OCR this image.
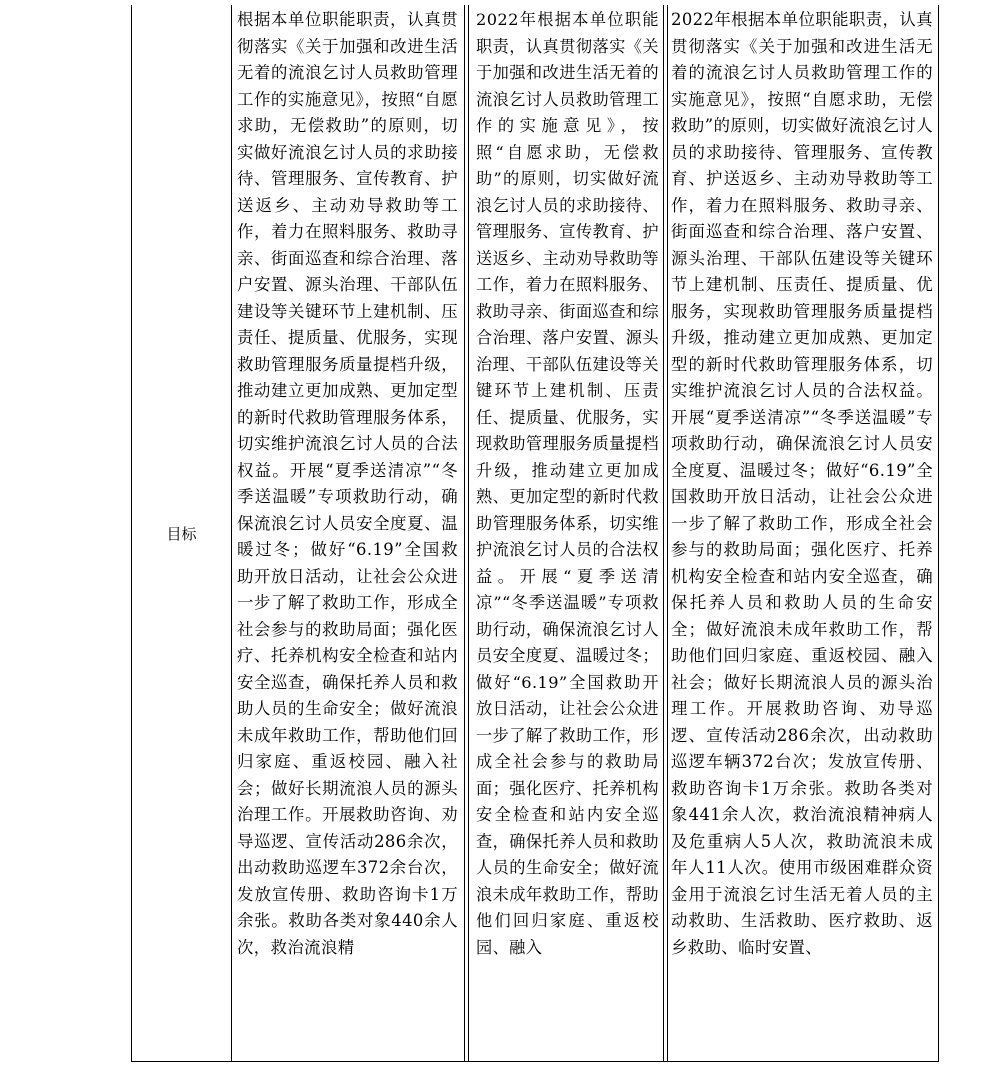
目标

根据本单位职能职责，认真贯彻落实《关于加强和改进生活无着的流浪乞讨人员救助管理工作的实施意见》，按照“自愿求助，无偿救助”的原则，切实做好流浪乞讨人员的求助接待、管理服务、宣传教育、护送返乡、主动劝导救助等工作，着力在照料服务、救助寻亲、街面巡查和综合治理、落户安置、源头治理、干部队伍建设等关键环节上建机制、压责任、提质量、优服务，实现救助管理服务质量提档升级，推动建立更加成熟、更加定型的新时代救助管理服务体系，切实维护流浪乞讨人员的合法权益。开展“夏季送清凉”“冬季送温暖”专项救助行动，确保流浪乞讨人员安全度夏、温暖过冬；做好“6.19”全国救助开放日活动，让社会公众进一步了解了救助工作，形成全社会参与的救助局面；强化医疗、托养机构安全检查和站内安全巡查，确保托养人员和救助人员的生命安全；做好流浪未成年救助工作，帮助他们回归家庭、重返校园、融入社会；做好长期流浪人员的源头治理工作。开展救助咨询、劝导巡逻、宣传活动286余次，出动救助巡逻车372余台次，发放宣传册、救助咨询卡1万余张。救助各类对象440余人次，救治流浪精

2022年根据本单位职能职责，认真贯彻落实《关于加强和改进生活无着的流浪乞讨人员救助管理工作的实施意见》，按照“自愿求助，无偿救助”的原则，切实做好流浪乞讨人员的求助接待、管理服务、宣传教育、护送返乡、主动劝导救助等工作，着力在照料服务、救助寻亲、街面巡查和综合治理、落户安置、源头治理、干部队伍建设等关键环节上建机制、压责任、提质量、优服务，实现救助管理服务质量提档升级，推动建立更加成熟、更加定型的新时代救助管理服务体系，切实维护流浪乞讨人员的合法权益。开展“夏季送清凉”“冬季送温暖”专项救助行动，确保流浪乞讨人员安全度夏、温暖过冬；做好“6.19”全国救助开放日活动，让社会公众进一步了解了救助工作，形成全社会参与的救助局面；强化医疗、托养机构安全检查和站内安全巡查，确保托养人员和救助人员的生命安全；做好流浪未成年救助工作，帮助他们回归家庭、重返校园、融入

2022年根据本单位职能职责，认真贯彻落实《关于加强和改进生活无着的流浪乞讨人员救助管理工作的实施意见》，按照“自愿求助，无偿救助”的原则，切实做好流浪乞讨人员的求助接待、管理服务、宣传教育、护送返乡、主动劝导救助等工作，着力在照料服务、救助寻亲、街面巡查和综合治理、落户安置、源头治理、干部队伍建设等关键环节上建机制、压责任、提质量、优服务，实现救助管理服务质量提档升级，推动建立更加成熟、更加定型的新时代救助管理服务体系，切实维护流浪乞讨人员的合法权益。开展“夏季送清凉”“冬季送温暖”专项救助行动，确保流浪乞讨人员安全度夏、温暖过冬；做好“6.19”全国救助开放日活动，让社会公众进一步了解了救助工作，形成全社会参与的救助局面；强化医疗、托养机构安全检查和站内安全巡查，确保托养人员和救助人员的生命安全；做好流浪未成年救助工作，帮助他们回归家庭、重返校园、融入社会；做好长期流浪人员的源头治理工作。开展救助咨询、劝导巡逻、宣传活动286余次，出动救助巡逻车辆372台次；发放宣传册、救助咨询卡1万余张。救助各类对象441余人次，救治流浪精神病人及危重病人5人次，救助流浪未成年人11人次。使用市级困难群众资金用于流浪乞讨生活无着人员的主动救助、生活救助、医疗救助、返乡救助、临时安置、
